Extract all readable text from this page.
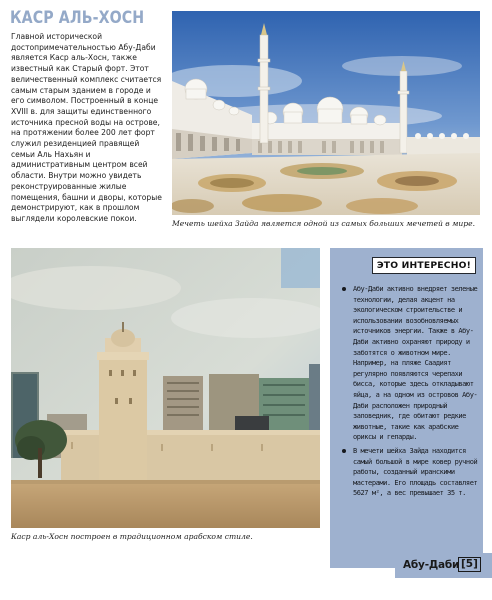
КАСР АЛЬ-ХОСН

Главной исторической достопримечательностью Абу-Даби является Каср аль-Хосн, также известный как Старый форт. Этот величественный комплекс считается самым старым зданием в городе и его символом. Построенный в конце XVIII в. для защиты единственного источника пресной воды на острове, на протяжении более 200 лет форт служил резиденцией правящей семьи Аль Нахьян и административным центром всей области. Внутри можно увидеть реконструированные жилые помещения, башни и дворы, которые демонстрируют, как в прошлом выглядели королевские покои.

Мечеть шейха Зайда является одной из самых больших мечетей в мире.

Каср аль-Хосн построен в традиционном арабском стиле.

ЭТО ИНТЕРЕСНО!
Абу-Даби активно внедряет зеленые технологии, делая акцент на экологическом строительстве и использовании возобновляемых источников энергии. Также в Абу-Даби активно охраняют природу и заботятся о животном мире. Например, на пляже Саадият регулярно появляются черепахи бисса, которые здесь откладывают яйца, а на одном из островов Абу-Даби расположен природный заповедник, где обитают редкие животные, такие как арабские ориксы и гепарды.
В мечети шейха Зайда находится самый большой в мире ковер ручной работы, созданный иранскими мастерами. Его площадь составляет 5627 м², а вес превышает 35 т.
Абу-Даби [5]
